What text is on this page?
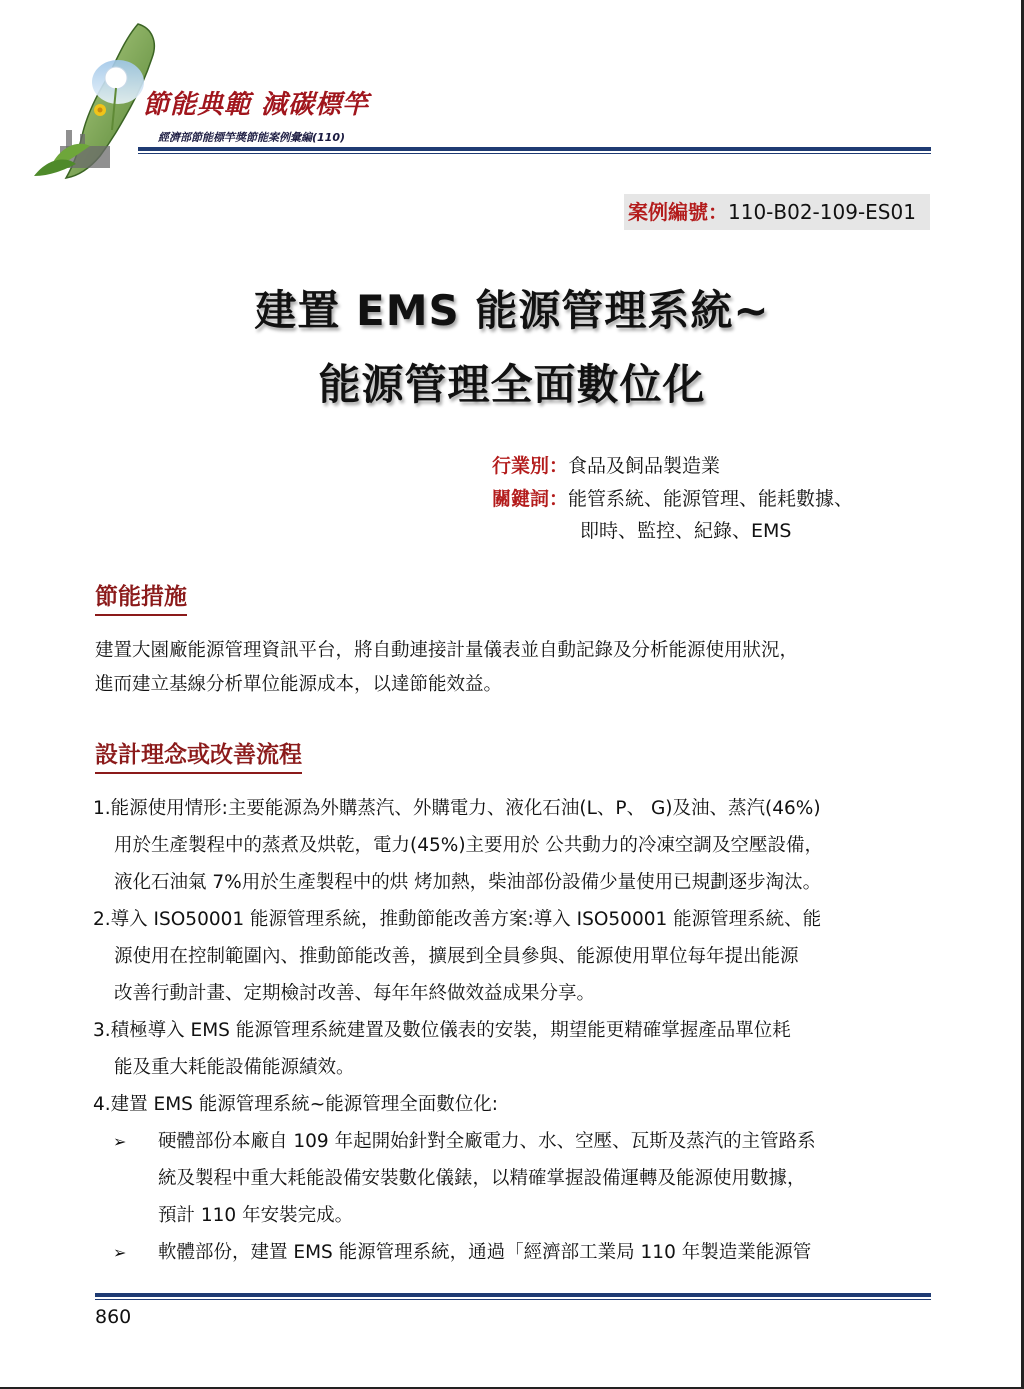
節能典範 減碳標竿
經濟部節能標竿獎節能案例彙編(110)
案例編號：110-B02-109-ES01
建置 EMS 能源管理系統~
能源管理全面數位化
行業別：食品及飼品製造業
關鍵詞：能管系統、能源管理、能耗數據、
即時、監控、紀錄、EMS
節能措施
建置大園廠能源管理資訊平台，將自動連接計量儀表並自動記錄及分析能源使用狀況，
進而建立基線分析單位能源成本，以達節能效益。
設計理念或改善流程
1.能源使用情形:主要能源為外購蒸汽、外購電力、液化石油(L、P、 G)及油、蒸汽(46%)
用於生產製程中的蒸煮及烘乾，電力(45%)主要用於 公共動力的冷凍空調及空壓設備，
液化石油氣 7%用於生產製程中的烘 烤加熱，柴油部份設備少量使用已規劃逐步淘汰。
2.導入 ISO50001 能源管理系統，推動節能改善方案:導入 ISO50001 能源管理系統、能
源使用在控制範圍內、推動節能改善，擴展到全員參與、能源使用單位每年提出能源
改善行動計畫、定期檢討改善、每年年終做效益成果分享。
3.積極導入 EMS 能源管理系統建置及數位儀表的安裝，期望能更精確掌握產品單位耗
能及重大耗能設備能源績效。
4.建置 EMS 能源管理系統~能源管理全面數位化:
➢ 硬體部份本廠自 109 年起開始針對全廠電力、水、空壓、瓦斯及蒸汽的主管路系
統及製程中重大耗能設備安裝數化儀錶，以精確掌握設備運轉及能源使用數據，
預計 110 年安裝完成。
➢ 軟體部份，建置 EMS 能源管理系統，通過「經濟部工業局 110 年製造業能源管
860
